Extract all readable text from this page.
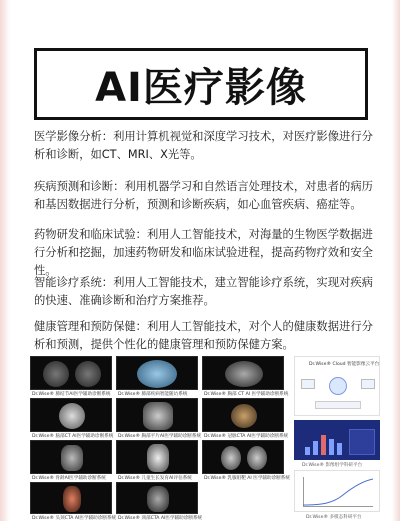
AI医疗影像

医学影像分析：利用计算机视觉和深度学习技术，对医疗影像进行分析和诊断，如CT、MRI、X光等。

疾病预测和诊断：利用机器学习和自然语言处理技术，对患者的病历和基因数据进行分析，预测和诊断疾病，如心血管疾病、癌症等。

药物研发和临床试验：利用人工智能技术，对海量的生物医学数据进行分析和挖掘，加速药物研发和临床试验进程，提高药物疗效和安全性。

智能诊疗系统：利用人工智能技术，建立智能诊疗系统，实现对疾病的快速、准确诊断和治疗方案推荐。

健康管理和预防保健：利用人工智能技术，对个人的健康数据进行分析和预测，提供个性化的健康管理和预防保健方案。

Dr.Wise® 肺结节AI医学辅助诊断系统 Dr.Wise® 肺部疾病智能随访系统	Dr.Wise® 胸部 CT AI 医学辅助诊断系统
Dr.Wise® 脑部CT AI医学辅助诊断系统 Dr.Wise® 胸部平片AI医学辅助诊断系统 Dr.Wise® 冠脉CTA AI医学辅助诊断系统
Dr.Wise® 骨龄AI医学辅助诊断系统	Dr.Wise® 儿童生长发育AI评估系统	Dr.Wise® 乳腺钼靶 AI 医学辅助诊断系统
Dr.Wise® 头颈CTA AI医学辅助诊断系统 Dr.Wise® 颈部CTA AI医学辅助诊断系统
Dr.Wise® Cloud 智能影像云平台
Dr.Wise® 影像组学科研平台
Dr.Wise® 多模态科研平台
